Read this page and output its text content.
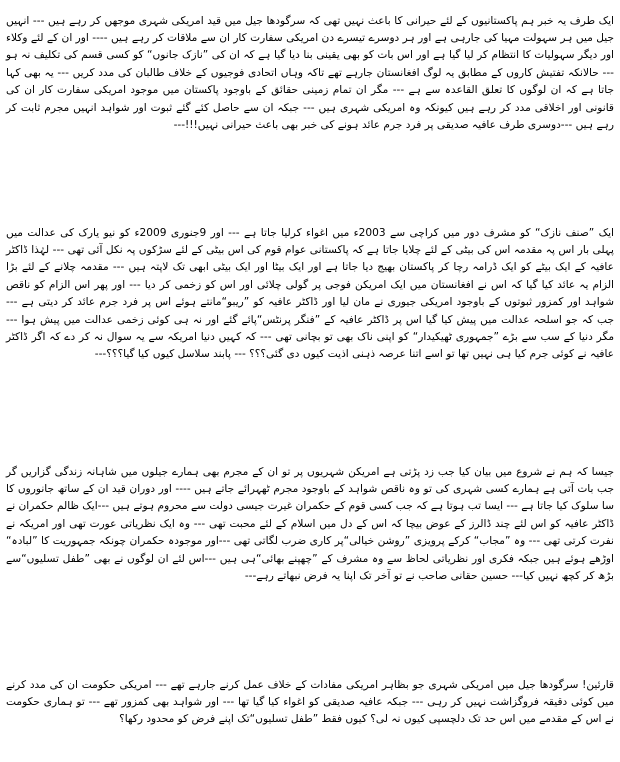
ایک طرف یہ خبر ہم پاکستانیوں کے لئے حیرانی کا باعث نہیں تھی کہ سرگودھا جیل میں قید امریکی شہری موجھں کر رہے ہیں --- انہیں جیل میں ہر سہولت مہیا کی جارہی ہے اور ہر دوسرے تیسرے دن امریکی سفارت کار ان سے ملاقات کر رہے ہیں ---- اور ان کے لئے وکلاء اور دیگر سہولیات کا انتظام کر لیا گیا ہے اور اس بات کو بھی یقینی بنا دیا گیا ہے کہ ان کی ”نازک جانوں“ کو کسی قسم کی تکلیف نہ ہو --- حالانکہ تفتیش کاروں کے مطابق یہ لوگ افغانستان جارہے تھے تاکہ وہاں اتحادی فوجیوں کے خلاف طالبان کی مدد کریں --- یہ بھی کہا جاتا ہے کہ ان لوگوں کا تعلق القاعدہ سے ہے --- مگر ان تمام زمینی حقائق کے باوجود پاکستان میں موجود امریکی سفارت کار ان کی قانونی اور اخلاقی مدد کر رہے ہیں کیونکہ وہ امریکی شہری ہیں --- جبکہ ان سے حاصل کئے گئے ثبوت اور شواہد انہیں مجرم ثابت کر رہے ہیں ---دوسری طرف عافیہ صدیقی پر فرد جرم عائد ہونے کی خبر بھی باعث حیرانی نہیں!!!---

ایک ”صنف نازک“ کو مشرف دور میں کراچی سے 2003ء میں اغواء کرلیا جاتا ہے --- اور 9جنوری 2009ء کو نیو یارک کی عدالت میں پہلی بار اس پہ مقدمہ اس کی بیٹی کے لئے چلایا جاتا ہے کہ پاکستانی عوام قوم کی اس بیٹی کے لئے سڑکوں پہ نکل آئی تھی --- لہٰذا ڈاکٹر عافیہ کے ایک بیٹے کو ایک ڈرامہ رچا کر پاکستان بھیج دیا جاتا ہے اور ایک بیٹا اور ایک بیٹی ابھی تک لاپتہ ہیں --- مقدمہ چلانے کے لئے بڑا الزام یہ عائد کیا گیا کہ اس نے افغانستان میں ایک امریکن فوجی پر گولی چلائی اور اس کو زخمی کر دیا --- اور پھر اس الزام کو ناقص شواہد اور کمزور ثبوتوں کے باوجود امریکی جیوری نے مان لیا اور ڈاکٹر عافیہ کو ”ریبو“مانتے ہوئے اس پر فرد جرم عائد کر دیتی ہے --- جب کہ جو اسلحہ عدالت میں پیش کیا گیا اس پر ڈاکٹر عافیہ کے ”فنگر پرنٹس“پائے گئے اور نہ ہی کوئی زخمی عدالت میں پیش ہوا --- مگر دنیا کے سب سے بڑے ”جمہوری ٹھیکیدار“ کو اپنی ناک بھی تو بچانی تھی --- کہ کہیں دنیا امریکہ سے یہ سوال نہ کر دے کہ اگر ڈاکٹر عافیہ نے کوئی جرم کیا ہی نہیں تھا تو اسے اتنا عرصہ ذہنی اذیت کیوں دی گئی؟؟؟ --- پابند سلاسل کیوں کیا گیا؟؟؟---

جیسا کہ ہم نے شروع میں بیان کیا جب زد پڑتی ہے امریکن شہریوں پر تو ان کے مجرم بھی ہمارے جیلوں میں شاہانہ زندگی گزاریں گر جب بات آتی ہے ہمارے کسی شہری کی تو وہ ناقص شواہد کے باوجود مجرم ٹھہرائے جاتے ہیں ---- اور دوران قید ان کے ساتھ جانوروں کا سا سلوک کیا جاتا ہے --- ایسا تب ہوتا ہے کہ جب کسی قوم کے حکمران غیرت جیسی دولت سے محروم ہوتے ہیں ---ایک ظالم حکمران نے ڈاکٹر عافیہ کو اس لئے چند ڈالرز کے عوض بیچا کہ اس کے دل میں اسلام کے لئے محبت تھی --- وہ ایک نظریاتی عورت تھی اور امریکہ نے نفرت کرتی تھی --- وہ ”مجاب“ کرکے پرویزی ”روشن خیالی“پر کاری ضرب لگاتی تھی ---اور موجودہ حکمران چونکہ جمہوریت کا ”لبادہ“ اوڑھے ہوئے ہیں جبکہ فکری اور نظریاتی لحاظ سے وہ مشرف کے ”چھپنے بھائی“ہی ہیں ---اس لئے ان لوگوں نے بھی ”طفل تسلیوں“سے بڑھ کر کچھ نہیں کیا--- حسین حقانی صاحب نے تو آخر تک اپنا یہ فرض نبھاتے رہے---

قارئین! سرگودھا جیل میں امریکی شہری جو بظاہر امریکی مفادات کے خلاف عمل کرنے جارہے تھے --- امریکی حکومت ان کی مدد کرنے میں کوئی دقیقہ فروگزاشت نہیں کر رہی --- جبکہ عافیہ صدیقی کو اغواء کیا گیا تھا --- اور شواہد بھی کمزور تھے --- تو ہماری حکومت نے اس کے مقدمے میں اس حد تک دلچسپی کیوں نہ لی؟ کیوں فقط ”طفل تسلیوں“تک اپنے فرض کو محدود رکھا؟
